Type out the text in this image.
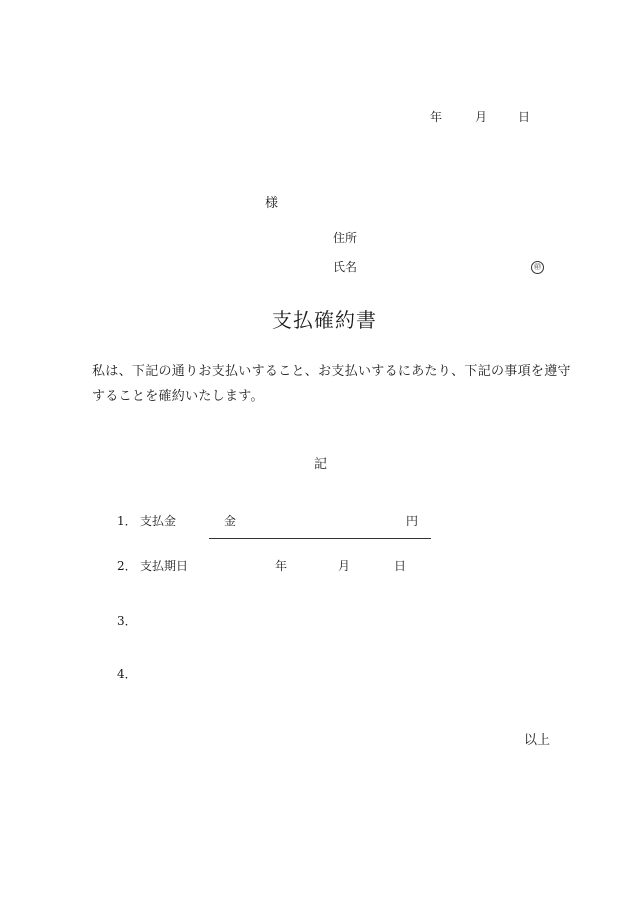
年	月	日
様
住所
氏名	㊞
支払確約書
私は、下記の通りお支払いすること、お支払いするにあたり、下記の事項を遵守
することを確約いたします。
記
1． 支払金	金	円
2． 支払期日	年	月	日
3．
4．
以上
